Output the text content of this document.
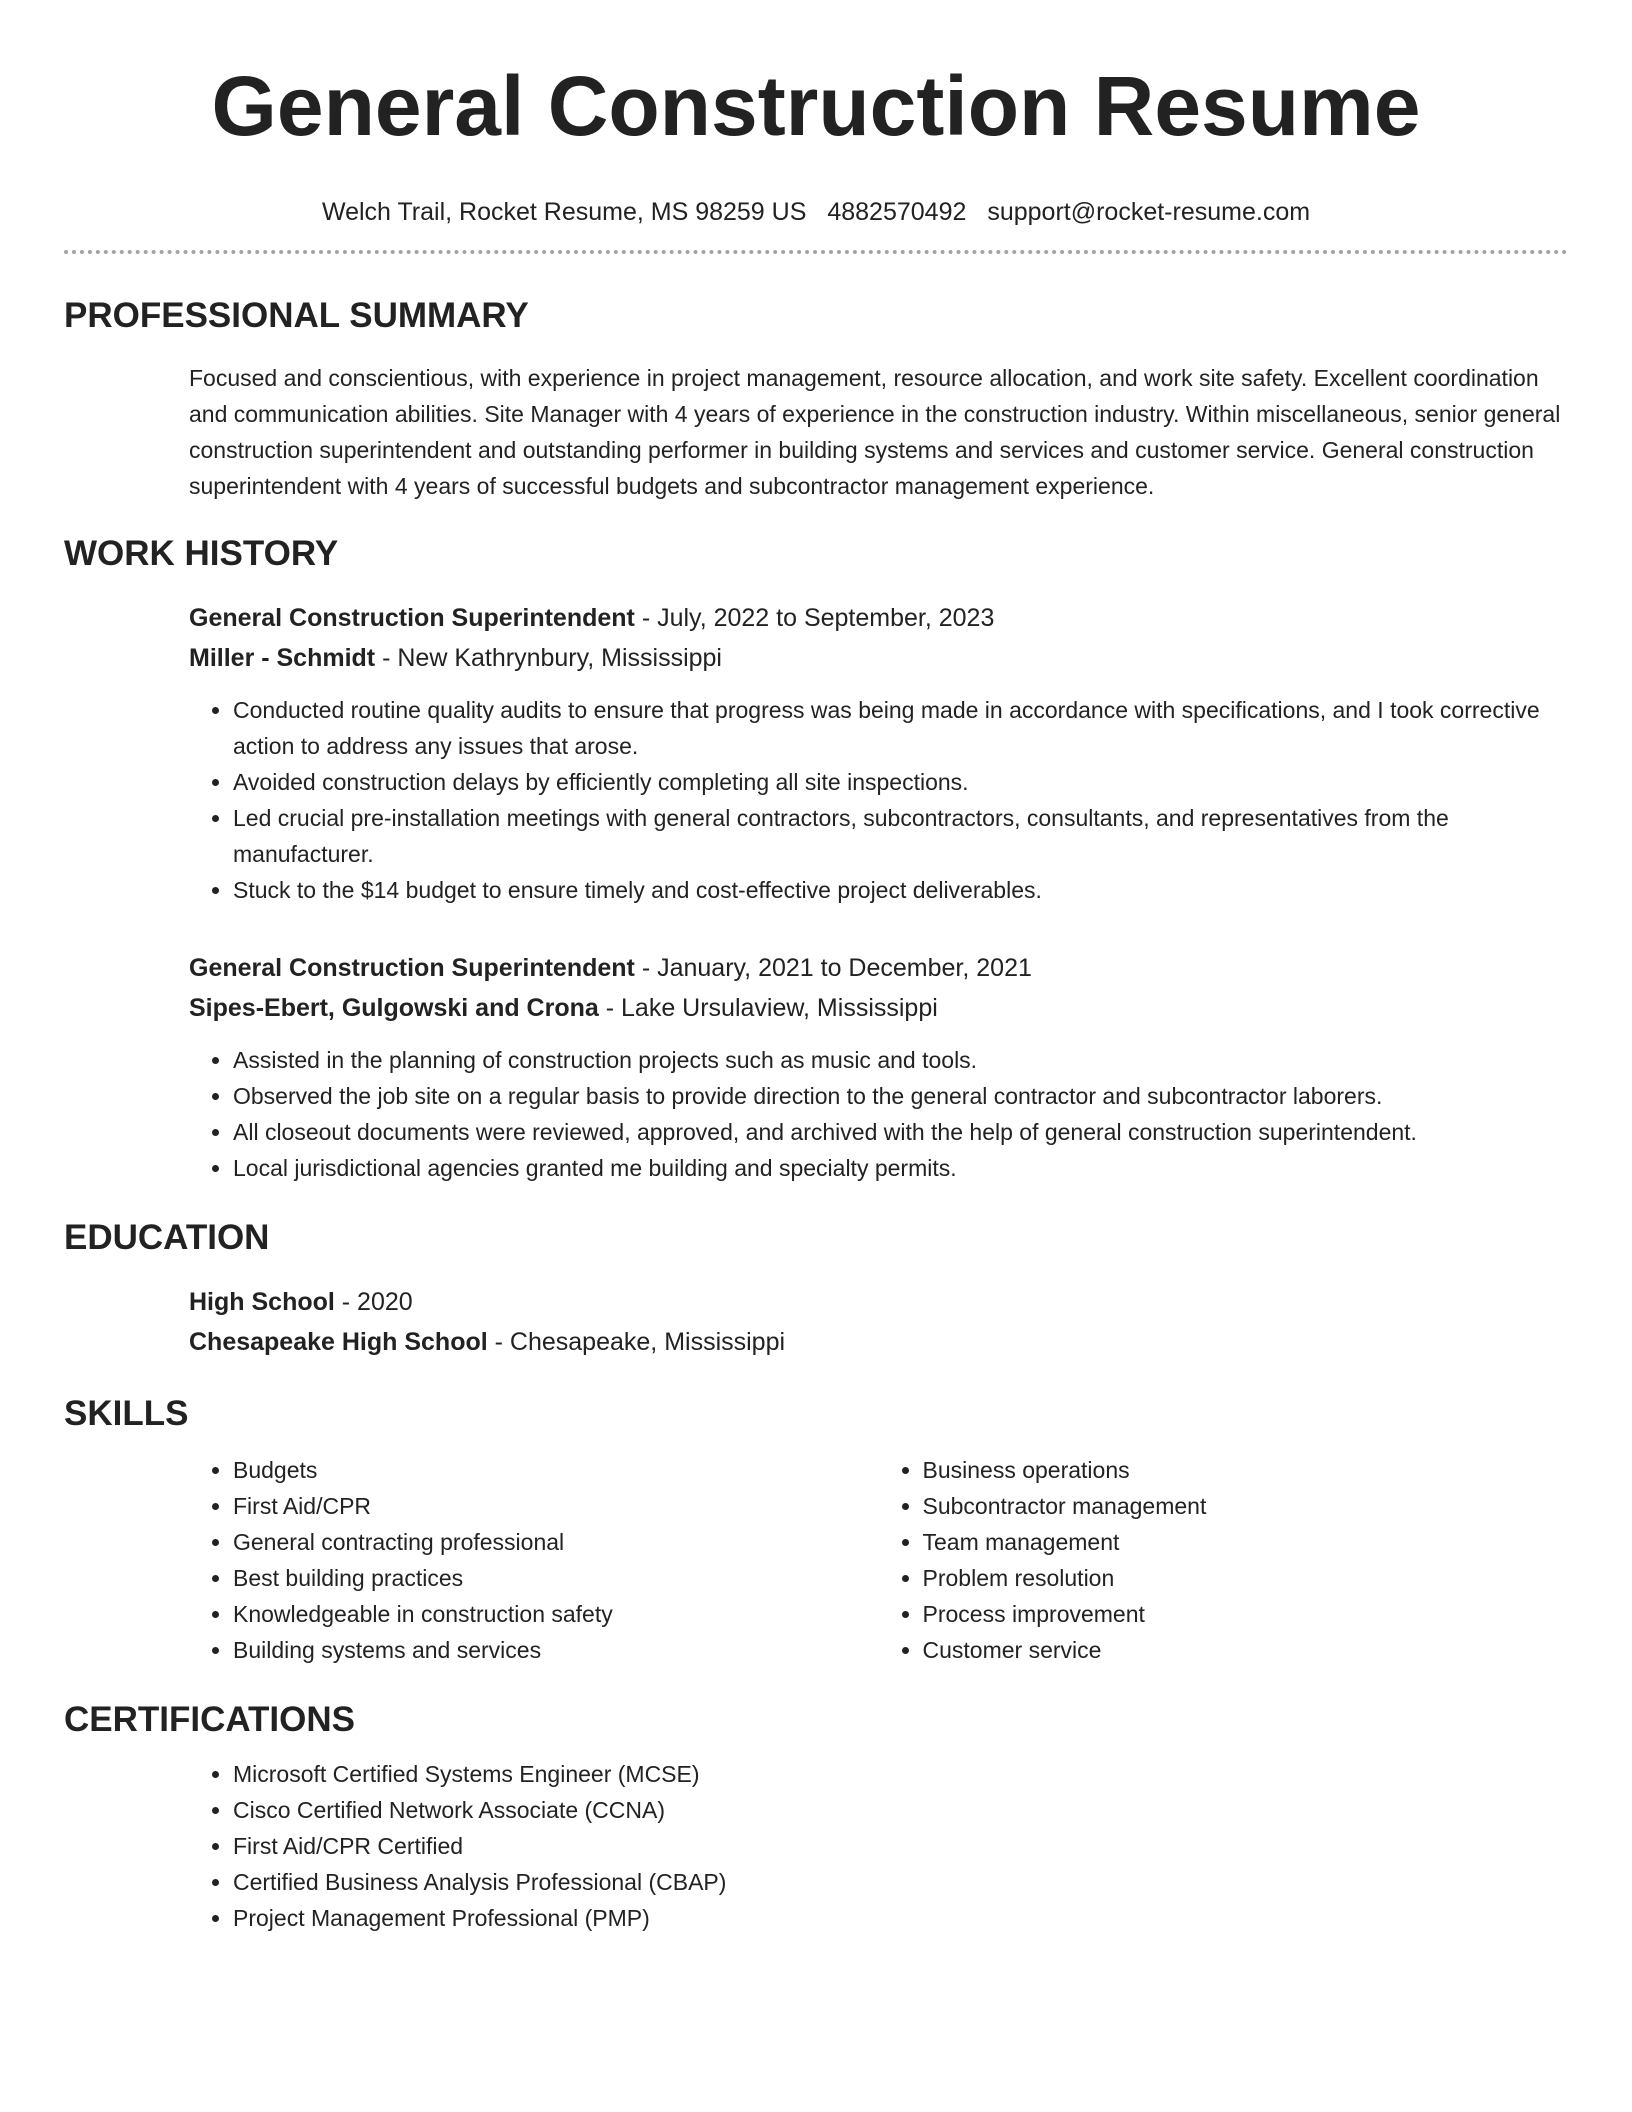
General Construction Resume
Welch Trail, Rocket Resume, MS 98259 US 4882570492 support@rocket-resume.com
PROFESSIONAL SUMMARY

Focused and conscientious, with experience in project management, resource allocation, and work site safety. Excellent coordination and communication abilities. Site Manager with 4 years of experience in the construction industry. Within miscellaneous, senior general construction superintendent and outstanding performer in building systems and services and customer service. General construction superintendent with 4 years of successful budgets and subcontractor management experience.

WORK HISTORY
General Construction Superintendent - July, 2022 to September, 2023
Miller - Schmidt - New Kathrynbury, Mississippi
• Conducted routine quality audits to ensure that progress was being made in accordance with specifications, and I took corrective action to address any issues that arose.
• Avoided construction delays by efficiently completing all site inspections.
• Led crucial pre-installation meetings with general contractors, subcontractors, consultants, and representatives from the manufacturer.
• Stuck to the $14 budget to ensure timely and cost-effective project deliverables.
General Construction Superintendent - January, 2021 to December, 2021
Sipes-Ebert, Gulgowski and Crona - Lake Ursulaview, Mississippi
• Assisted in the planning of construction projects such as music and tools.
• Observed the job site on a regular basis to provide direction to the general contractor and subcontractor laborers.
• All closeout documents were reviewed, approved, and archived with the help of general construction superintendent.
• Local jurisdictional agencies granted me building and specialty permits.
EDUCATION
High School - 2020
Chesapeake High School - Chesapeake, Mississippi
SKILLS
• Budgets
• First Aid/CPR
• General contracting professional
• Best building practices
• Knowledgeable in construction safety
• Building systems and services
• Business operations
• Subcontractor management
• Team management
• Problem resolution
• Process improvement
• Customer service
CERTIFICATIONS
• Microsoft Certified Systems Engineer (MCSE)
• Cisco Certified Network Associate (CCNA)
• First Aid/CPR Certified
• Certified Business Analysis Professional (CBAP)
• Project Management Professional (PMP)
